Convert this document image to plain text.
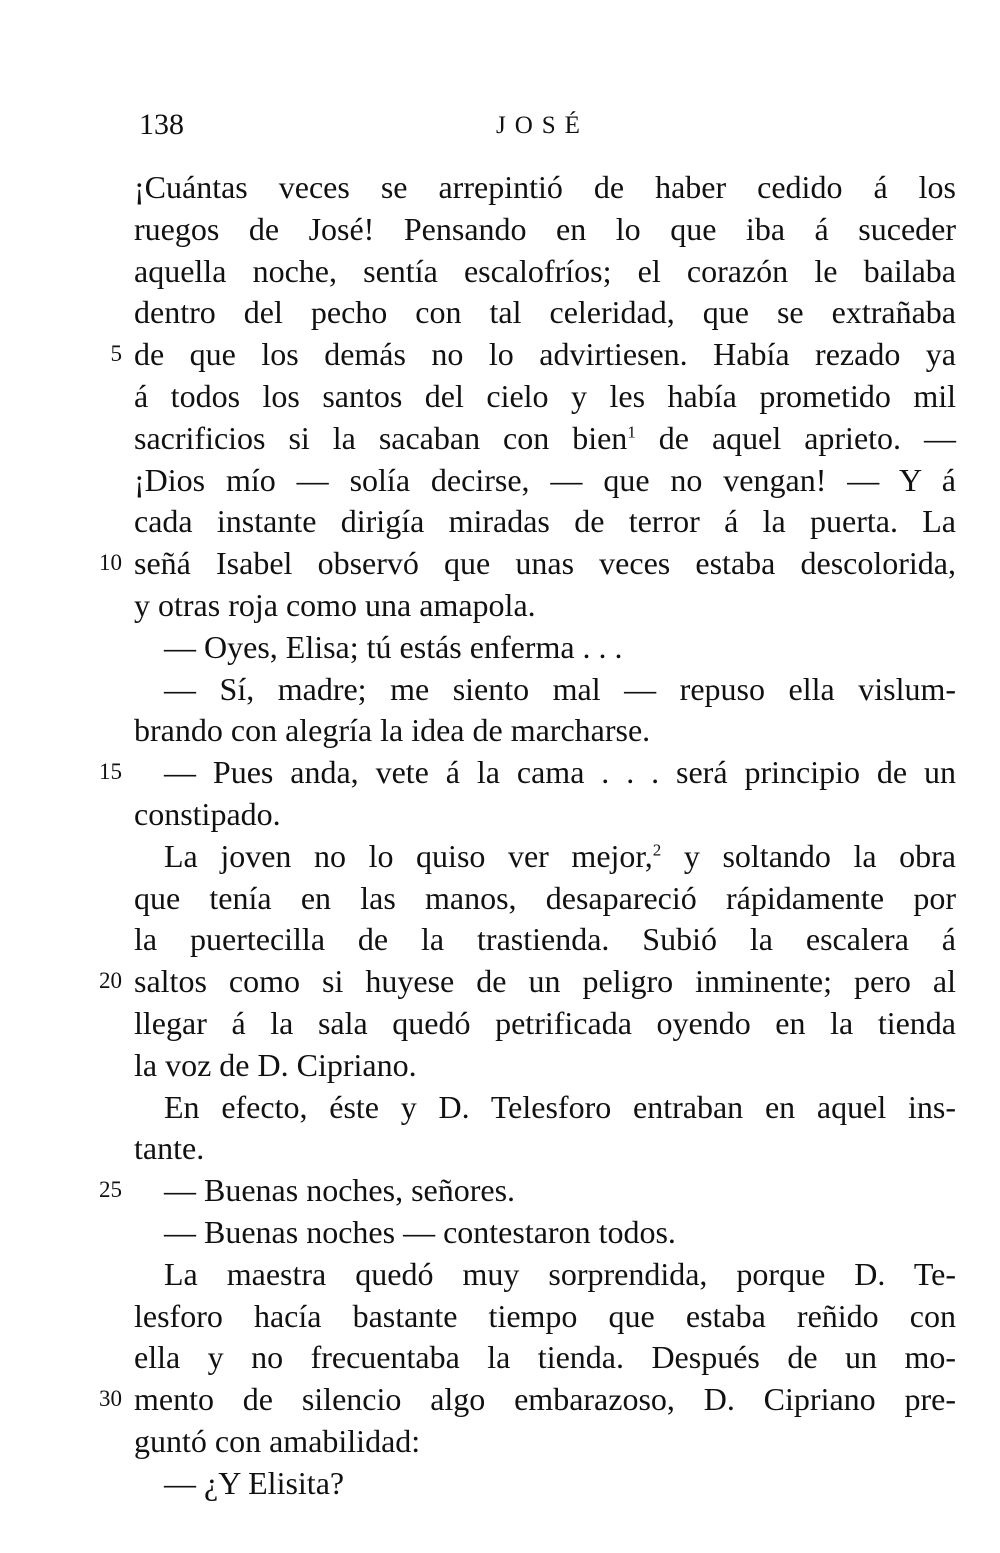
138	JOSÉ
¡Cuántas veces se arrepintió de haber cedido á los
ruegos de José! Pensando en lo que iba á suceder
aquella noche, sentía escalofríos; el corazón le bailaba
dentro del pecho con tal celeridad, que se extrañaba
de que los demás no lo advirtiesen. Había rezado ya
á todos los santos del cielo y les había prometido mil
sacrificios si la sacaban con bien$^1$ de aquel aprieto. —
¡Dios mío — solía decirse, — que no vengan! — Y á
cada instante dirigía miradas de terror á la puerta. La
señá Isabel observó que unas veces estaba descolorida,
y otras roja como una amapola.
— Oyes, Elisa; tú estás enferma . . .
— Sí, madre; me siento mal — repuso ella vislum-
brando con alegría la idea de marcharse.
— Pues anda, vete á la cama . . . será principio de un
constipado.
La joven no lo quiso ver mejor,$^2$ y soltando la obra
que tenía en las manos, desapareció rápidamente por
la puertecilla de la trastienda. Subió la escalera á
saltos como si huyese de un peligro inminente; pero al
llegar á la sala quedó petrificada oyendo en la tienda
la voz de D. Cipriano.
En efecto, éste y D. Telesforo entraban en aquel ins-
tante.
— Buenas noches, señores.
— Buenas noches — contestaron todos.
La maestra quedó muy sorprendida, porque D. Te-
lesforo hacía bastante tiempo que estaba reñido con
ella y no frecuentaba la tienda. Después de un mo-
mento de silencio algo embarazoso, D. Cipriano pre-
guntó con amabilidad:
— ¿Y Elisita?
5
10
15
20
25
30
